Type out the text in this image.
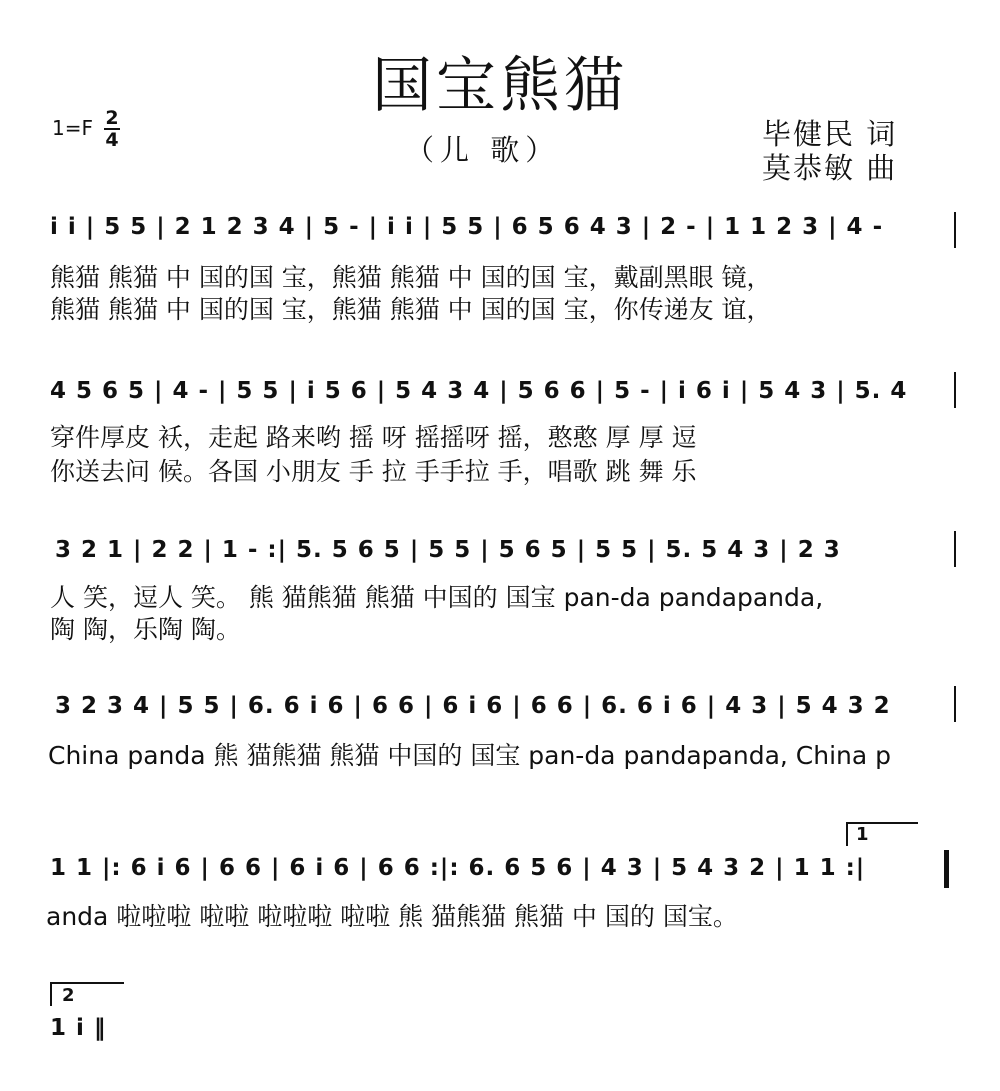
国宝熊猫
1=F 2
4	（儿 歌）	毕健民 词
莫恭敏 曲
i i | 5 5 | 2 1 2 3 4 | 5 - | i i | 5 5 | 6 5 6 4 3 | 2 - | 1 1 2 3 | 4 -
熊猫 熊猫 中 国的国 宝，熊猫 熊猫 中 国的国 宝，戴副黑眼 镜，
熊猫 熊猫 中 国的国 宝，熊猫 熊猫 中 国的国 宝，你传递友 谊，
4 5 6 5 | 4 - | 5 5 | i 5 6 | 5 4 3 4 | 5 6 6 | 5 - | i 6 i | 5 4 3 | 5. 4
穿件厚皮 袄，走起 路来哟 摇 呀 摇摇呀 摇，憨憨 厚 厚 逗
你送去问 候。各国 小朋友 手 拉 手手拉 手，唱歌 跳 舞 乐
3 2 1 | 2 2 | 1 - :| 5. 5 6 5 | 5 5 | 5 6 5 | 5 5 | 5. 5 4 3 | 2 3
人 笑，逗人 笑。 熊 猫熊猫 熊猫 中国的 国宝 pan-da pandapanda,
陶 陶，乐陶 陶。
3 2 3 4 | 5 5 | 6. 6 i 6 | 6 6 | 6 i 6 | 6 6 | 6. 6 i 6 | 4 3 | 5 4 3 2
China panda 熊 猫熊猫 熊猫 中国的 国宝 pan-da pandapanda, China p
1
1 1 |: 6 i 6 | 6 6 | 6 i 6 | 6 6 :|: 6. 6 5 6 | 4 3 | 5 4 3 2 | 1 1 :|
anda 啦啦啦 啦啦 啦啦啦 啦啦 熊 猫熊猫 熊猫 中 国的 国宝。
2
1 i ‖
